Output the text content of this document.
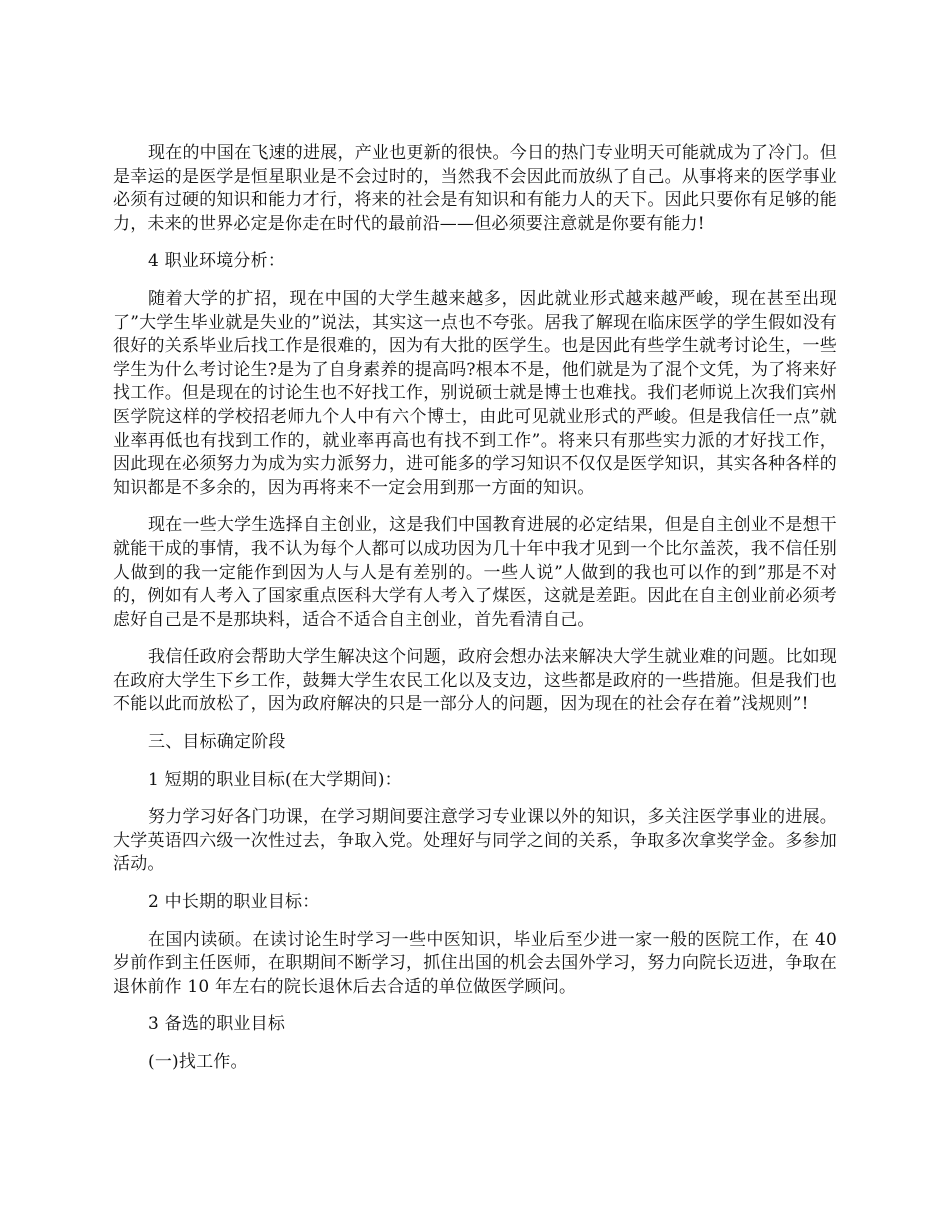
现在的中国在飞速的进展，产业也更新的很快。今日的热门专业明天可能就成为了冷门。但是幸运的是医学是恒星职业是不会过时的，当然我不会因此而放纵了自己。从事将来的医学事业必须有过硬的知识和能力才行，将来的社会是有知识和有能力人的天下。因此只要你有足够的能力，未来的世界必定是你走在时代的最前沿——但必须要注意就是你要有能力!

4 职业环境分析：

随着大学的扩招，现在中国的大学生越来越多，因此就业形式越来越严峻，现在甚至出现了”大学生毕业就是失业的”说法，其实这一点也不夸张。居我了解现在临床医学的学生假如没有很好的关系毕业后找工作是很难的，因为有大批的医学生。也是因此有些学生就考讨论生，一些学生为什么考讨论生?是为了自身素养的提高吗?根本不是，他们就是为了混个文凭，为了将来好找工作。但是现在的讨论生也不好找工作，别说硕士就是博士也难找。我们老师说上次我们宾州医学院这样的学校招老师九个人中有六个博士，由此可见就业形式的严峻。但是我信任一点”就业率再低也有找到工作的，就业率再高也有找不到工作”。将来只有那些实力派的才好找工作，因此现在必须努力为成为实力派努力，进可能多的学习知识不仅仅是医学知识，其实各种各样的知识都是不多余的，因为再将来不一定会用到那一方面的知识。

现在一些大学生选择自主创业，这是我们中国教育进展的必定结果，但是自主创业不是想干就能干成的事情，我不认为每个人都可以成功因为几十年中我才见到一个比尔盖茨，我不信任别人做到的我一定能作到因为人与人是有差别的。一些人说”人做到的我也可以作的到”那是不对的，例如有人考入了国家重点医科大学有人考入了煤医，这就是差距。因此在自主创业前必须考虑好自己是不是那块料，适合不适合自主创业，首先看清自己。

我信任政府会帮助大学生解决这个问题，政府会想办法来解决大学生就业难的问题。比如现在政府大学生下乡工作，鼓舞大学生农民工化以及支边，这些都是政府的一些措施。但是我们也不能以此而放松了，因为政府解决的只是一部分人的问题，因为现在的社会存在着”浅规则”!

三、目标确定阶段

1 短期的职业目标(在大学期间)：

努力学习好各门功课，在学习期间要注意学习专业课以外的知识，多关注医学事业的进展。大学英语四六级一次性过去，争取入党。处理好与同学之间的关系，争取多次拿奖学金。多参加活动。

2 中长期的职业目标：

在国内读硕。在读讨论生时学习一些中医知识，毕业后至少进一家一般的医院工作，在 40 岁前作到主任医师，在职期间不断学习，抓住出国的机会去国外学习，努力向院长迈进，争取在退休前作 10 年左右的院长退休后去合适的单位做医学顾问。

3 备选的职业目标

(一)找工作。
